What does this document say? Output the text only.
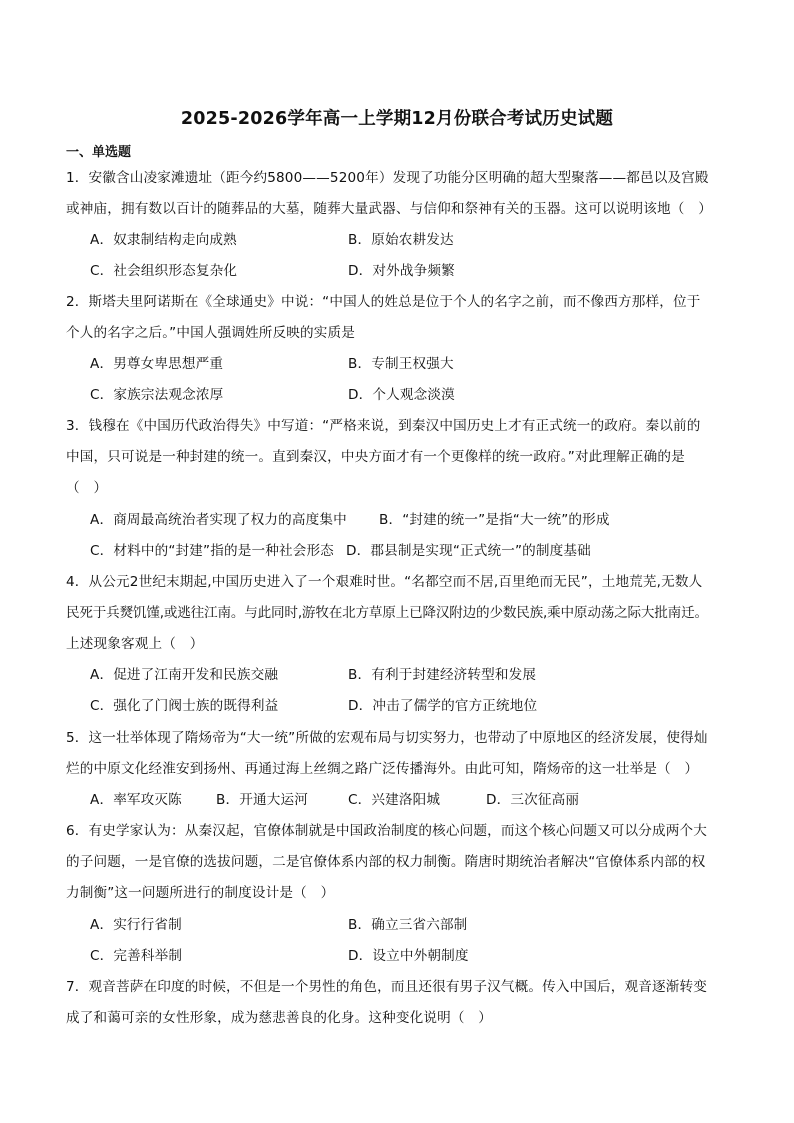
2025-2026学年高一上学期12月份联合考试历史试题
一、单选题
1．安徽含山凌家滩遗址（距今约5800——5200年）发现了功能分区明确的超大型聚落——都邑以及宫殿
或神庙，拥有数以百计的随葬品的大墓，随葬大量武器、与信仰和祭神有关的玉器。这可以说明该地（　）
A．奴隶制结构走向成熟	B．原始农耕发达
C．社会组织形态复杂化	D．对外战争频繁
2．斯塔夫里阿诺斯在《全球通史》中说：“中国人的姓总是位于个人的名字之前，而不像西方那样，位于
个人的名字之后。”中国人强调姓所反映的实质是
A．男尊女卑思想严重	B．专制王权强大
C．家族宗法观念浓厚	D．个人观念淡漠
3．钱穆在《中国历代政治得失》中写道：“严格来说，到秦汉中国历史上才有正式统一的政府。秦以前的
中国，只可说是一种封建的统一。直到秦汉，中央方面才有一个更像样的统一政府。”对此理解正确的是
（　）
A．商周最高统治者实现了权力的高度集中 B．“封建的统一”是指“大一统”的形成
C．材料中的“封建”指的是一种社会形态 D．郡县制是实现“正式统一”的制度基础
4．从公元2世纪末期起,中国历史进入了一个艰难时世。“名都空而不居,百里绝而无民”，土地荒芜,无数人
民死于兵燹饥馑,或逃往江南。与此同时,游牧在北方草原上已降汉附边的少数民族,乘中原动荡之际大批南迁。
上述现象客观上（　）
A．促进了江南开发和民族交融	B．有利于封建经济转型和发展
C．强化了门阀士族的既得利益	D．冲击了儒学的官方正统地位
5．这一壮举体现了隋炀帝为“大一统”所做的宏观布局与切实努力，也带动了中原地区的经济发展，使得灿
烂的中原文化经淮安到扬州、再通过海上丝绸之路广泛传播海外。由此可知，隋炀帝的这一壮举是（　）
A．率军攻灭陈	B．开通大运河	C．兴建洛阳城	D．三次征高丽
6．有史学家认为：从秦汉起，官僚体制就是中国政治制度的核心问题，而这个核心问题又可以分成两个大
的子问题，一是官僚的选拔问题，二是官僚体系内部的权力制衡。隋唐时期统治者解决“官僚体系内部的权
力制衡”这一问题所进行的制度设计是（　）
A．实行行省制	B．确立三省六部制
C．完善科举制	D．设立中外朝制度
7．观音菩萨在印度的时候，不但是一个男性的角色，而且还很有男子汉气概。传入中国后，观音逐渐转变
成了和蔼可亲的女性形象，成为慈悲善良的化身。这种变化说明（　）
